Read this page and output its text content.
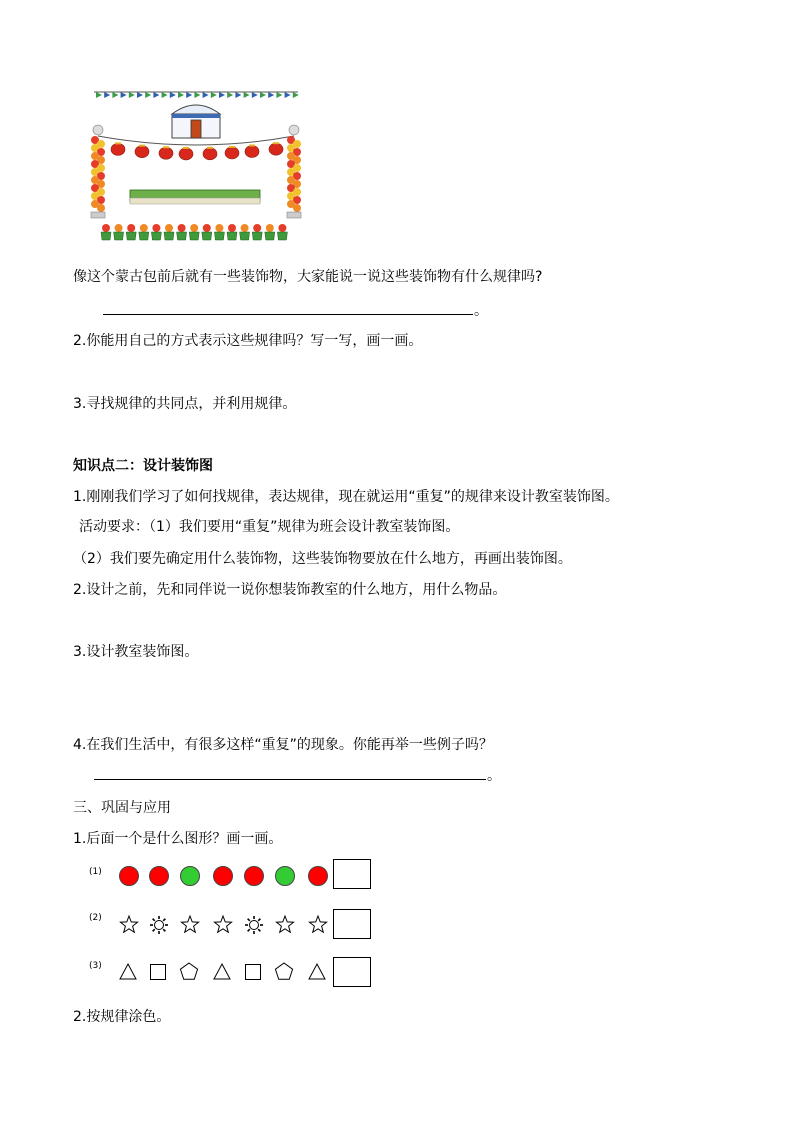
像这个蒙古包前后就有一些装饰物，大家能说一说这些装饰物有什么规律吗?
。
2.你能用自己的方式表示这些规律吗？写一写，画一画。
3.寻找规律的共同点，并利用规律。
知识点二：设计装饰图
1.刚刚我们学习了如何找规律，表达规律，现在就运用“重复”的规律来设计教室装饰图。
活动要求：（1）我们要用“重复”规律为班会设计教室装饰图。
（2）我们要先确定用什么装饰物，这些装饰物要放在什么地方，再画出装饰图。
2.设计之前，先和同伴说一说你想装饰教室的什么地方，用什么物品。
3.设计教室装饰图。
4.在我们生活中，有很多这样“重复”的现象。你能再举一些例子吗？
。
三、巩固与应用
1.后面一个是什么图形？画一画。
(1)
(2)
(3)
2.按规律涂色。
